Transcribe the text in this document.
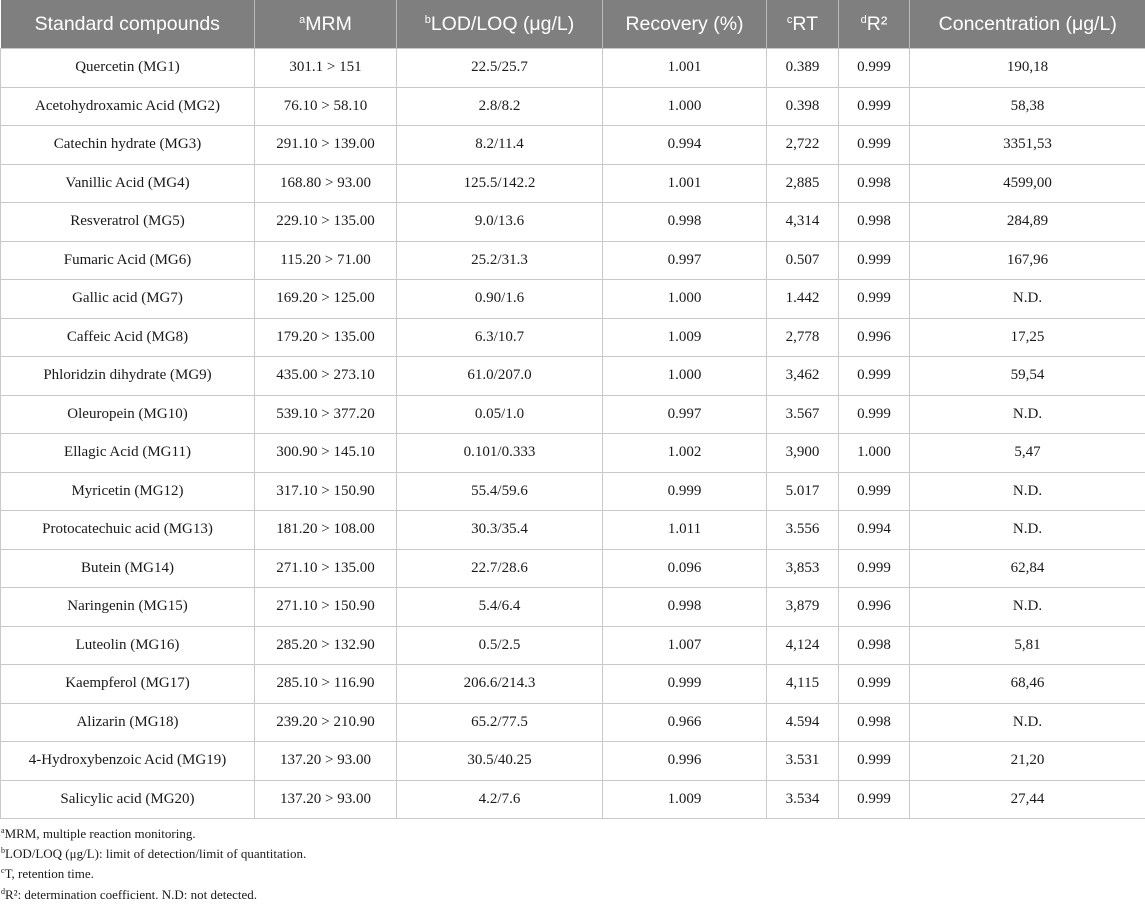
Standard compounds	$^a$MRM	$^b$LOD/LOQ (μg/L)	Recovery (%)	$^c$RT	$^d$R²	Concentration (μg/L)
Quercetin (MG1)	301.1 > 151	22.5/25.7	1.001	0.389	0.999	190,18
Acetohydroxamic Acid (MG2)	76.10 > 58.10	2.8/8.2	1.000	0.398	0.999	58,38
Catechin hydrate (MG3)	291.10 > 139.00	8.2/11.4	0.994	2,722	0.999	3351,53
Vanillic Acid (MG4)	168.80 > 93.00	125.5/142.2	1.001	2,885	0.998	4599,00
Resveratrol (MG5)	229.10 > 135.00	9.0/13.6	0.998	4,314	0.998	284,89
Fumaric Acid (MG6)	115.20 > 71.00	25.2/31.3	0.997	0.507	0.999	167,96
Gallic acid (MG7)	169.20 > 125.00	0.90/1.6	1.000	1.442	0.999	N.D.
Caffeic Acid (MG8)	179.20 > 135.00	6.3/10.7	1.009	2,778	0.996	17,25
Phloridzin dihydrate (MG9)	435.00 > 273.10	61.0/207.0	1.000	3,462	0.999	59,54
Oleuropein (MG10)	539.10 > 377.20	0.05/1.0	0.997	3.567	0.999	N.D.
Ellagic Acid (MG11)	300.90 > 145.10	0.101/0.333	1.002	3,900	1.000	5,47
Myricetin (MG12)	317.10 > 150.90	55.4/59.6	0.999	5.017	0.999	N.D.
Protocatechuic acid (MG13)	181.20 > 108.00	30.3/35.4	1.011	3.556	0.994	N.D.
Butein (MG14)	271.10 > 135.00	22.7/28.6	0.096	3,853	0.999	62,84
Naringenin (MG15)	271.10 > 150.90	5.4/6.4	0.998	3,879	0.996	N.D.
Luteolin (MG16)	285.20 > 132.90	0.5/2.5	1.007	4,124	0.998	5,81
Kaempferol (MG17)	285.10 > 116.90	206.6/214.3	0.999	4,115	0.999	68,46
Alizarin (MG18)	239.20 > 210.90	65.2/77.5	0.966	4.594	0.998	N.D.
4-Hydroxybenzoic Acid (MG19)	137.20 > 93.00	30.5/40.25	0.996	3.531	0.999	21,20
Salicylic acid (MG20)	137.20 > 93.00	4.2/7.6	1.009	3.534	0.999	27,44
$^a$MRM, multiple reaction monitoring.
$^b$LOD/LOQ (μg/L): limit of detection/limit of quantitation.
$^c$T, retention time.
$^d$R²: determination coefficient. N.D: not detected.
